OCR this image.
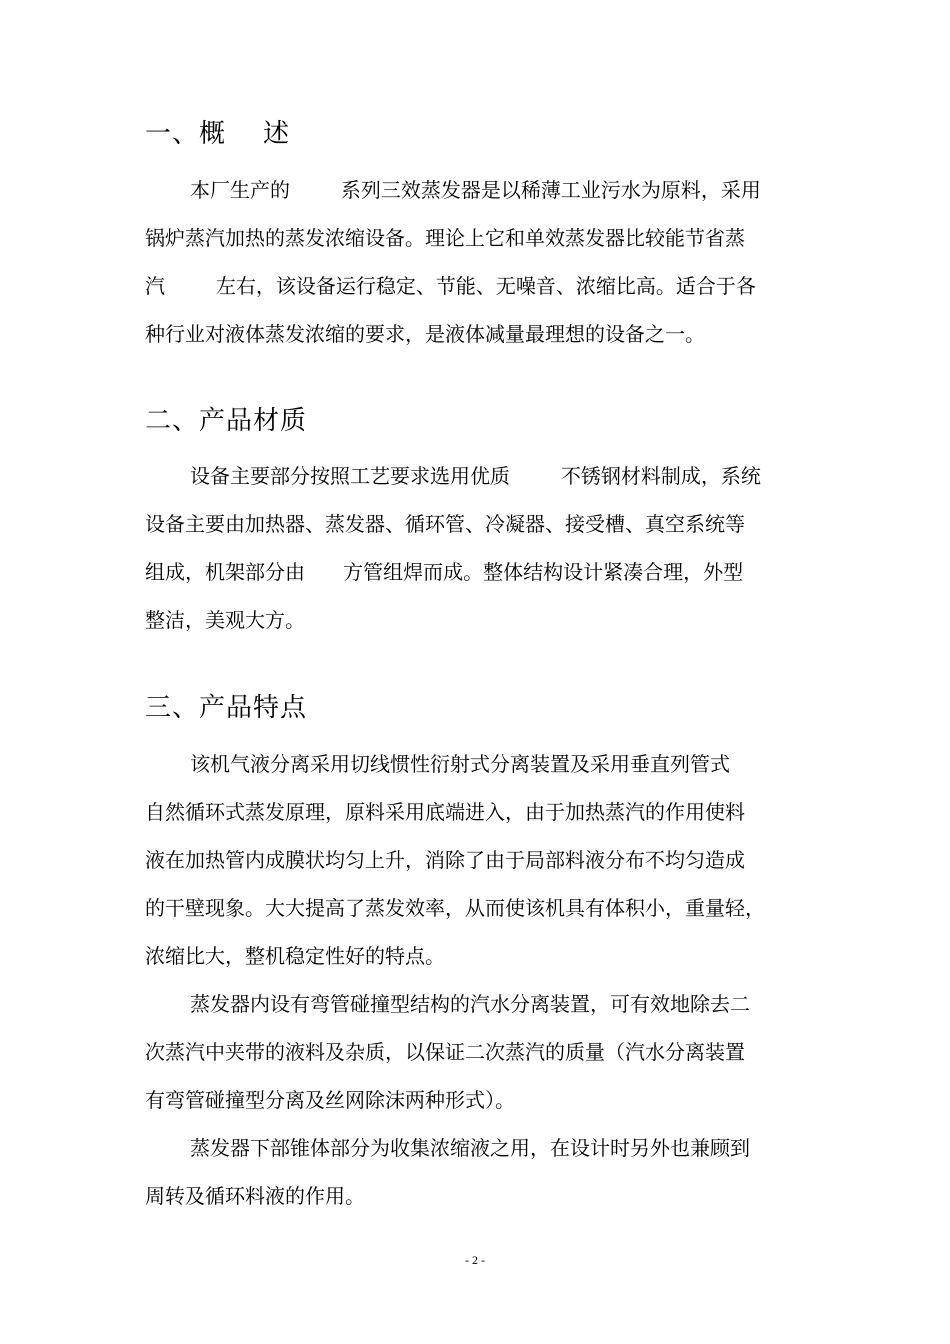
一、概    述
本厂生产的        系列三效蒸发器是以稀薄工业污水为原料，采用
锅炉蒸汽加热的蒸发浓缩设备。理论上它和单效蒸发器比较能节省蒸
汽        左右，该设备运行稳定、节能、无噪音、浓缩比高。适合于各
种行业对液体蒸发浓缩的要求，是液体减量最理想的设备之一。
二、产品材质
设备主要部分按照工艺要求选用优质        不锈钢材料制成，系统
设备主要由加热器、蒸发器、循环管、冷凝器、接受槽、真空系统等
组成，机架部分由      方管组焊而成。整体结构设计紧凑合理，外型
整洁，美观大方。
三、产品特点
该机气液分离采用切线惯性衍射式分离装置及采用垂直列管式
自然循环式蒸发原理，原料采用底端进入，由于加热蒸汽的作用使料
液在加热管内成膜状均匀上升，消除了由于局部料液分布不均匀造成
的干壁现象。大大提高了蒸发效率，从而使该机具有体积小，重量轻，
浓缩比大，整机稳定性好的特点。
蒸发器内设有弯管碰撞型结构的汽水分离装置，可有效地除去二
次蒸汽中夹带的液料及杂质，以保证二次蒸汽的质量（汽水分离装置
有弯管碰撞型分离及丝网除沫两种形式）。
蒸发器下部锥体部分为收集浓缩液之用，在设计时另外也兼顾到
周转及循环料液的作用。
- 2 -
